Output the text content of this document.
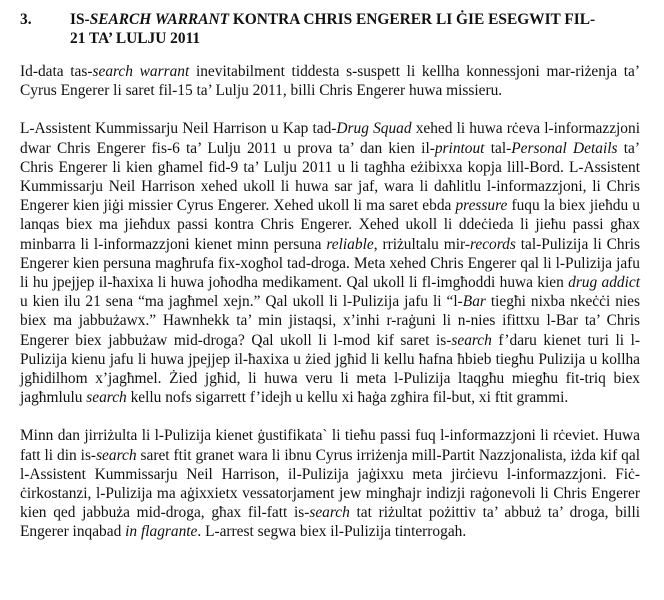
3.	IS-SEARCH WARRANT KONTRA CHRIS ENGERER LI ĠIE ESEGWIT FIL-21 TA’ LULJU 2011

Id-data tas-search warrant inevitabilment tiddesta s-suspett li kellha konnessjoni mar-riżenja ta’ Cyrus Engerer li saret fil-15 ta’ Lulju 2011, billi Chris Engerer huwa missieru.

L-Assistent Kummissarju Neil Harrison u Kap tad-Drug Squad xehed li huwa rċeva l-informazzjoni dwar Chris Engerer fis-6 ta’ Lulju 2011 u prova ta’ dan kien il-printout tal-Personal Details ta’ Chris Engerer li kien għamel fid-9 ta’ Lulju 2011 u li tagħha eżibixxa kopja lill-Bord. L-Assistent Kummissarju Neil Harrison xehed ukoll li huwa sar jaf, wara li daħlitlu l-informazzjoni, li Chris Engerer kien jiġi missier Cyrus Engerer. Xehed ukoll li ma saret ebda pressure fuqu la biex jieħdu u lanqas biex ma jieħdux passi kontra Chris Engerer. Xehed ukoll li ddeċieda li jieħu passi għax minbarra li l-informazzjoni kienet minn persuna reliable, rriżultalu mir-records tal-Pulizija li Chris Engerer kien persuna magħrufa fix-xogħol tad-droga. Meta xehed Chris Engerer qal li l-Pulizija jafu li hu jpejjep il-ħaxixa li huwa joħodha medikament. Qal ukoll li fl-imgħoddi huwa kien drug addict u kien ilu 21 sena “ma jagħmel xejn.” Qal ukoll li l-Pulizija jafu li “l-Bar tiegħi nixba nkeċċi nies biex ma jabbużawx.” Hawnhekk ta’ min jistaqsi, x’inhi r-raġuni li n-nies ifittxu l-Bar ta’ Chris Engerer biex jabbużaw mid-droga? Qal ukoll li l-mod kif saret is-search f’daru kienet turi li l-Pulizija kienu jafu li huwa jpejjep il-ħaxixa u żied jgħid li kellu ħafna ħbieb tiegħu Pulizija u kollha jgħidilhom x’jagħmel. Żied jgħid, li huwa veru li meta l-Pulizija ltaqgħu miegħu fit-triq biex jagħmlulu search kellu nofs sigarrett f’idejh u kellu xi ħaġa zgħira fil-but, xi ftit grammi.

Minn dan jirriżulta li l-Pulizija kienet ġustifikata` li tieħu passi fuq l-informazzjoni li rċeviet. Huwa fatt li din is-search saret ftit granet wara li ibnu Cyrus irriżenja mill-Partit Nazzjonalista, iżda kif qal l-Assistent Kummissarju Neil Harrison, il-Pulizija jaġixxu meta jirċievu l-informazzjoni. Fiċ-ċirkostanzi, l-Pulizija ma aġixxietx vessatorjament jew mingħajr indizji raġonevoli li Chris Engerer kien qed jabbuża mid-droga, għax fil-fatt is-search tat riżultat pożittiv ta’ abbuż ta’ droga, billi Engerer inqabad in flagrante. L-arrest segwa biex il-Pulizija tinterrogah.
